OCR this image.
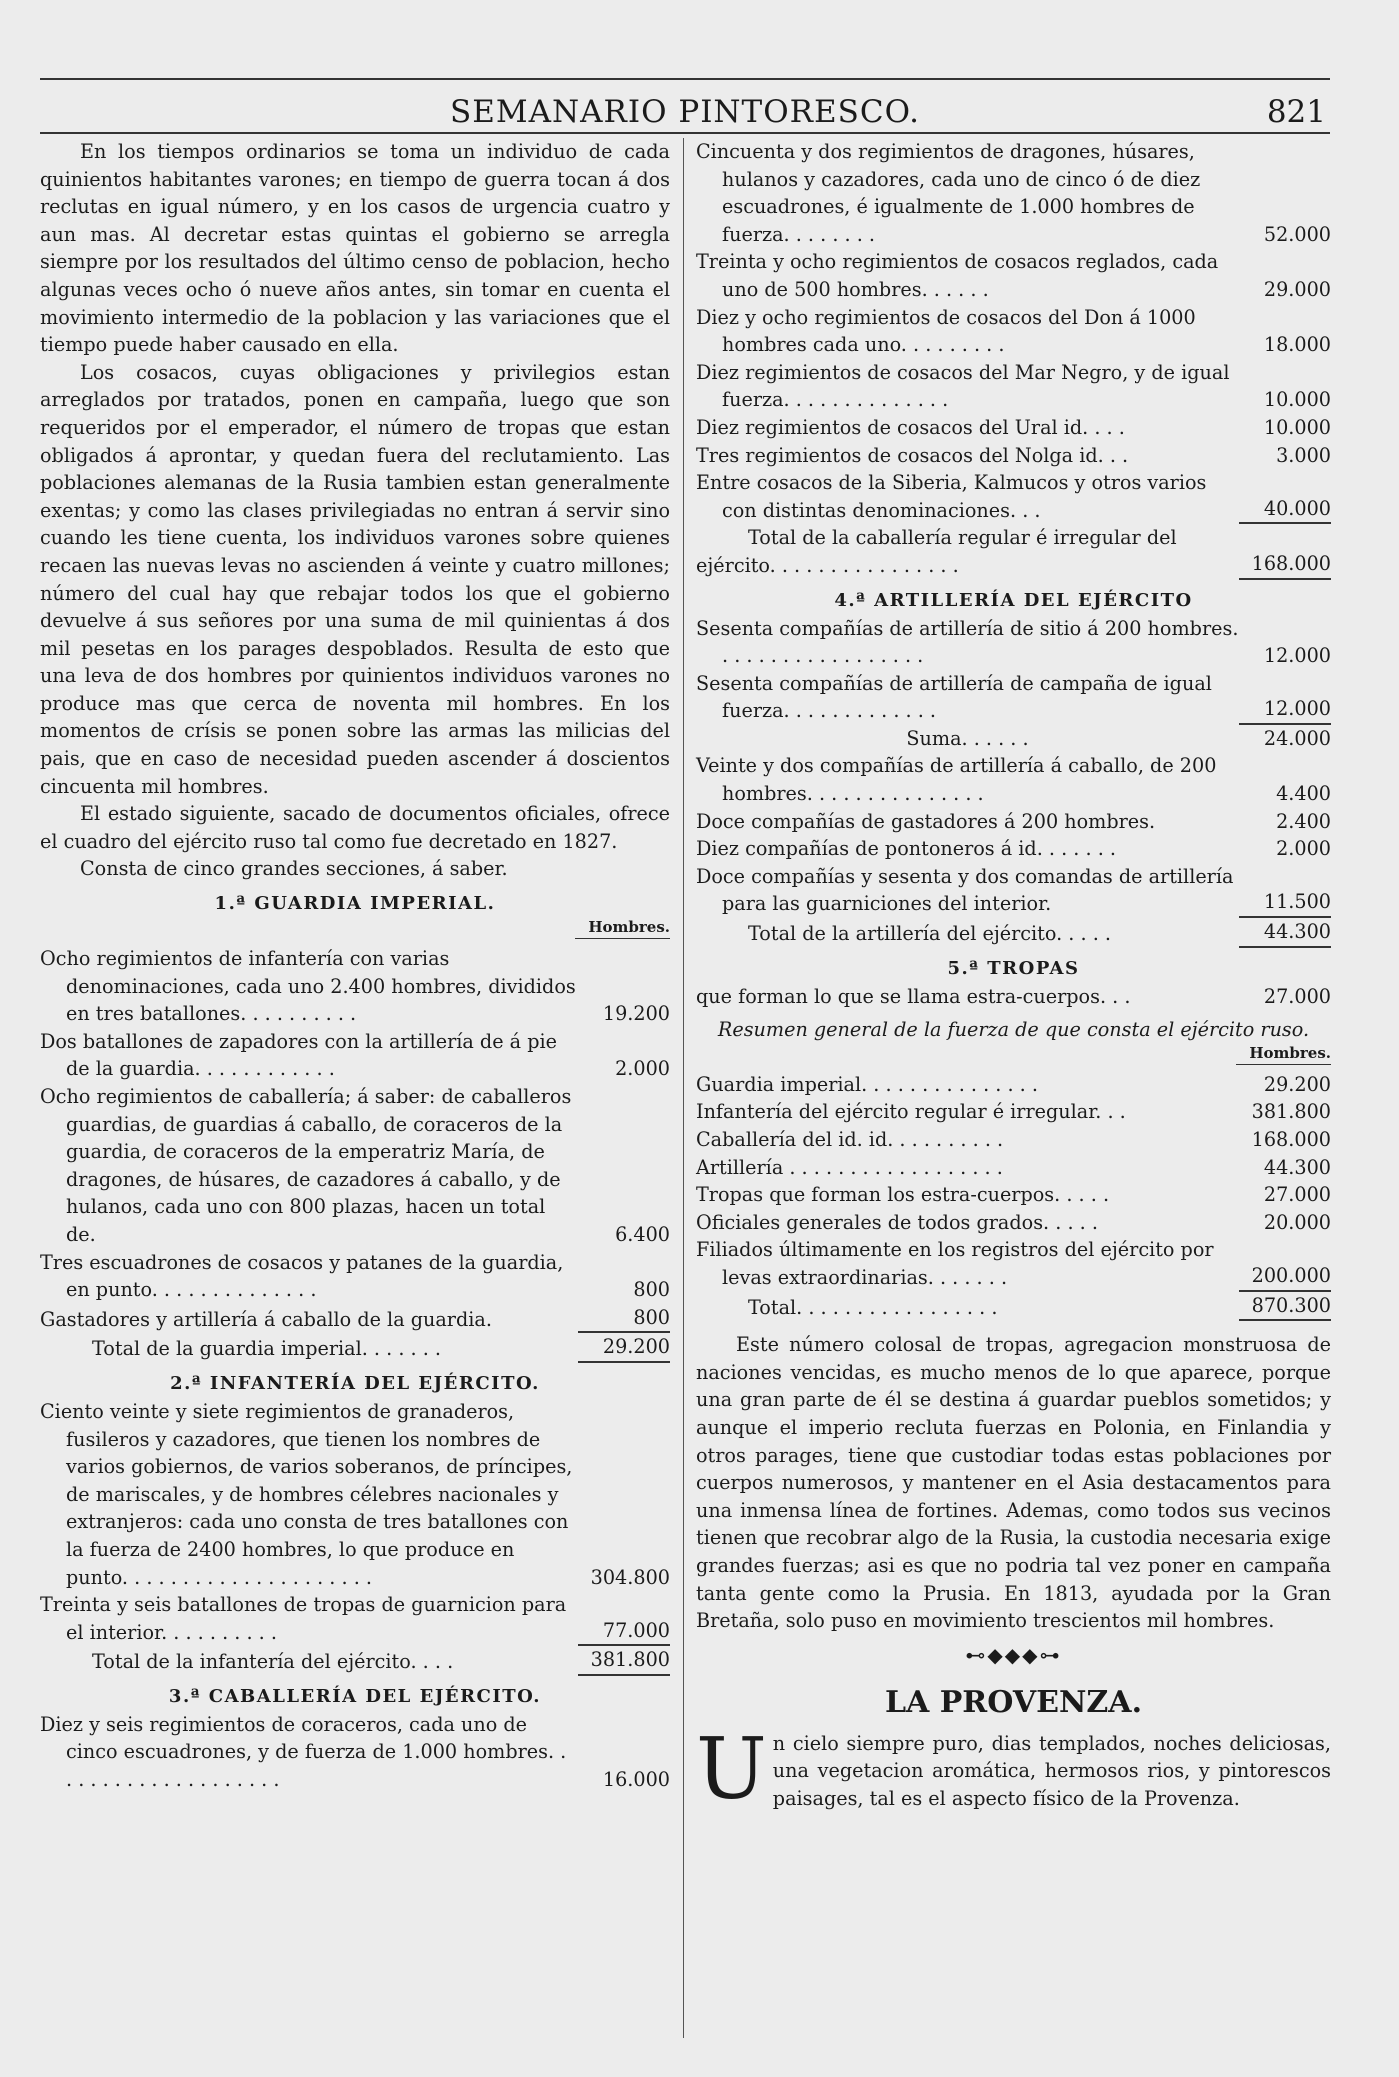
SEMANARIO PINTORESCO.	821

En los tiempos ordinarios se toma un individuo de cada quinientos habitantes varones; en tiempo de guerra tocan á dos reclutas en igual número, y en los casos de urgencia cuatro y aun mas. Al decretar estas quintas el gobierno se arregla siempre por los resultados del último censo de poblacion, hecho algunas veces ocho ó nueve años antes, sin tomar en cuenta el movimiento intermedio de la poblacion y las variaciones que el tiempo puede haber causado en ella.

Los cosacos, cuyas obligaciones y privilegios estan arreglados por tratados, ponen en campaña, luego que son requeridos por el emperador, el número de tropas que estan obligados á aprontar, y quedan fuera del reclutamiento. Las poblaciones alemanas de la Rusia tambien estan generalmente exentas; y como las clases privilegiadas no entran á servir sino cuando les tiene cuenta, los individuos varones sobre quienes recaen las nuevas levas no ascienden á veinte y cuatro millones; número del cual hay que rebajar todos los que el gobierno devuelve á sus señores por una suma de mil quinientas á dos mil pesetas en los parages despoblados. Resulta de esto que una leva de dos hombres por quinientos individuos varones no produce mas que cerca de noventa mil hombres. En los momentos de crísis se ponen sobre las armas las milicias del pais, que en caso de necesidad pueden ascender á doscientos cincuenta mil hombres.

El estado siguiente, sacado de documentos oficiales, ofrece el cuadro del ejército ruso tal como fue decretado en 1827.

Consta de cinco grandes secciones, á saber.

1.ª GUARDIA IMPERIAL.
Hombres.
Ocho regimientos de infantería con varias denominaciones, cada uno 2.400 hombres, divididos en tres batallones. . . . . . . . . .	19.200
Dos batallones de zapadores con la artillería de á pie de la guardia. . . . . . . . . . . .	2.000
Ocho regimientos de caballería; á saber: de caballeros guardias, de guardias á caballo, de coraceros de la guardia, de coraceros de la emperatriz María, de dragones, de húsares, de cazadores á caballo, y de hulanos, cada uno con 800 plazas, hacen un total de.	6.400
Tres escuadrones de cosacos y patanes de la guardia, en punto. . . . . . . . . . . . . .	800
Gastadores y artillería á caballo de la guardia.	800
Total de la guardia imperial. . . . . . .	29.200
2.ª INFANTERÍA DEL EJÉRCITO.
Ciento veinte y siete regimientos de granaderos, fusileros y cazadores, que tienen los nombres de varios gobiernos, de varios soberanos, de príncipes, de mariscales, y de hombres célebres nacionales y extranjeros: cada uno consta de tres batallones con la fuerza de 2400 hombres, lo que produce en punto. . . . . . . . . . . . . . . . . . . . .	304.800
Treinta y seis batallones de tropas de guarnicion para el interior. . . . . . . . . .	77.000
Total de la infantería del ejército. . . .	381.800
3.ª CABALLERÍA DEL EJÉRCITO.
Diez y seis regimientos de coraceros, cada uno de cinco escuadrones, y de fuerza de 1.000 hombres. . . . . . . . . . . . . . . . . . . .	16.000
Cincuenta y dos regimientos de dragones, húsares, hulanos y cazadores, cada uno de cinco ó de diez escuadrones, é igualmente de 1.000 hombres de fuerza. . . . . . . .	52.000
Treinta y ocho regimientos de cosacos reglados, cada uno de 500 hombres. . . . . .	29.000
Diez y ocho regimientos de cosacos del Don á 1000 hombres cada uno. . . . . . . . .	18.000
Diez regimientos de cosacos del Mar Negro, y de igual fuerza. . . . . . . . . . . . . .	10.000
Diez regimientos de cosacos del Ural id. . . .	10.000
Tres regimientos de cosacos del Nolga id. . .	3.000
Entre cosacos de la Siberia, Kalmucos y otros varios con distintas denominaciones. . .	40.000
Total de la caballería regular é irregular del ejército. . . . . . . . . . . . . . . .	168.000
4.ª ARTILLERÍA DEL EJÉRCITO
Sesenta compañías de artillería de sitio á 200 hombres. . . . . . . . . . . . . . . . . .	12.000
Sesenta compañías de artillería de campaña de igual fuerza. . . . . . . . . . . . .	12.000
Suma. . . . . .	24.000
Veinte y dos compañías de artillería á caballo, de 200 hombres. . . . . . . . . . . . . . .	4.400
Doce compañías de gastadores á 200 hombres.	2.400
Diez compañías de pontoneros á id. . . . . . .	2.000
Doce compañías y sesenta y dos comandas de artillería para las guarniciones del interior.	11.500
Total de la artillería del ejército. . . . .	44.300
5.ª TROPAS
que forman lo que se llama estra-cuerpos. . .	27.000

Resumen general de la fuerza de que consta el ejército ruso.

Hombres.
Guardia imperial. . . . . . . . . . . . . . .	29.200
Infantería del ejército regular é irregular. . .	381.800
Caballería del id. id. . . . . . . . . .	168.000
Artillería . . . . . . . . . . . . . . . . . .	44.300
Tropas que forman los estra-cuerpos. . . . .	27.000
Oficiales generales de todos grados. . . . .	20.000
Filiados últimamente en los registros del ejército por levas extraordinarias. . . . . . .	200.000
Total. . . . . . . . . . . . . . . . .	870.300

Este número colosal de tropas, agregacion monstruosa de naciones vencidas, es mucho menos de lo que aparece, porque una gran parte de él se destina á guardar pueblos sometidos; y aunque el imperio recluta fuerzas en Polonia, en Finlandia y otros parages, tiene que custodiar todas estas poblaciones por cuerpos numerosos, y mantener en el Asia destacamentos para una inmensa línea de fortines. Ademas, como todos sus vecinos tienen que recobrar algo de la Rusia, la custodia necesaria exige grandes fuerzas; asi es que no podria tal vez poner en campaña tanta gente como la Prusia. En 1813, ayudada por la Gran Bretaña, solo puso en movimiento trescientos mil hombres.

⊷◆◆◆⊶
LA PROVENZA.

Un cielo siempre puro, dias templados, noches deliciosas, una vegetacion aromática, hermosos rios, y pintorescos paisages, tal es el aspecto físico de la Provenza.
